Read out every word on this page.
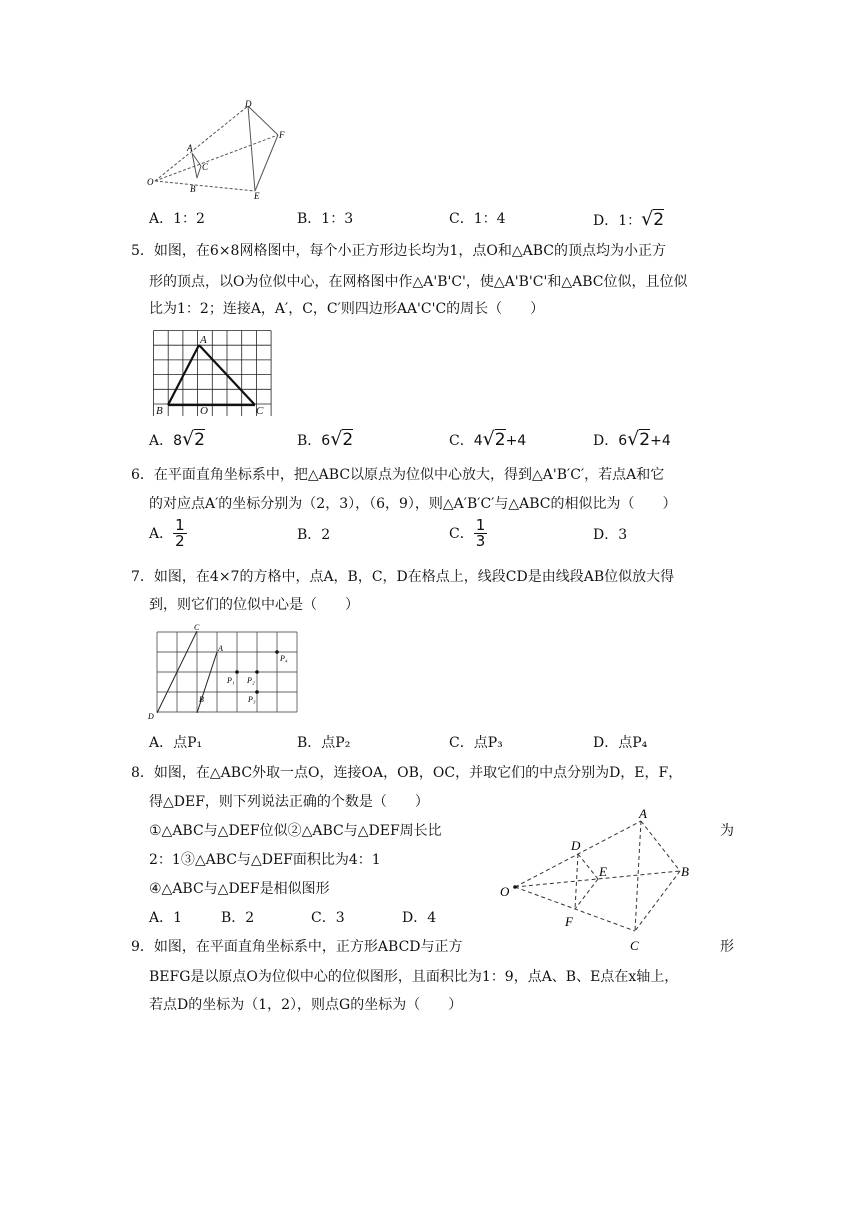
O
A
C
B
D
F
E
A．1：2	B．1：3	C．1：4	D．1：√2
5．如图，在6×8网格图中，每个小正方形边长均为1，点O和△ABC的顶点均为小正方
形的顶点，以O为位似中心，在网格图中作△A'B'C'，使△A'B'C'和△ABC位似，且位似
比为1：2；连接A，A′，C，C′则四边形AA'C'C的周长（　　）
A
B	O	C
A．8√2	B．6√2	C．4√2+4	D．6√2+4
6．在平面直角坐标系中，把△ABC以原点为位似中心放大，得到△A'B′C′，若点A和它
的对应点A′的坐标分别为（2，3），（6，9），则△A′B′C′与△ABC的相似比为（　　）
A． $\frac{1}{2}$	B．2	C． $\frac{1}{3}$	D．3
7．如图，在4×7的方格中，点A，B，C，D在格点上，线段CD是由线段AB位似放大得
到，则它们的位似中心是（　　）
C
A
B
D
P₁ P₂
P₃
P₄
A．点P₁	B．点P₂	C．点P₃	D．点P₄
8．如图，在△ABC外取一点O，连接OA，OB，OC，并取它们的中点分别为D，E，F，
得△DEF，则下列说法正确的个数是（　　）
①△ABC与△DEF位似②△ABC与△DEF周长比	为
2：1③△ABC与△DEF面积比为4：1
④△ABC与△DEF是相似图形
A．1	B．2	C．3	D．4
A
B
C
D
E
F
O
9．如图，在平面直角坐标系中，正方形ABCD与正方	形
BEFG是以原点O为位似中心的位似图形，且面积比为1：9，点A、B、E点在x轴上，
若点D的坐标为（1，2），则点G的坐标为（　　）
